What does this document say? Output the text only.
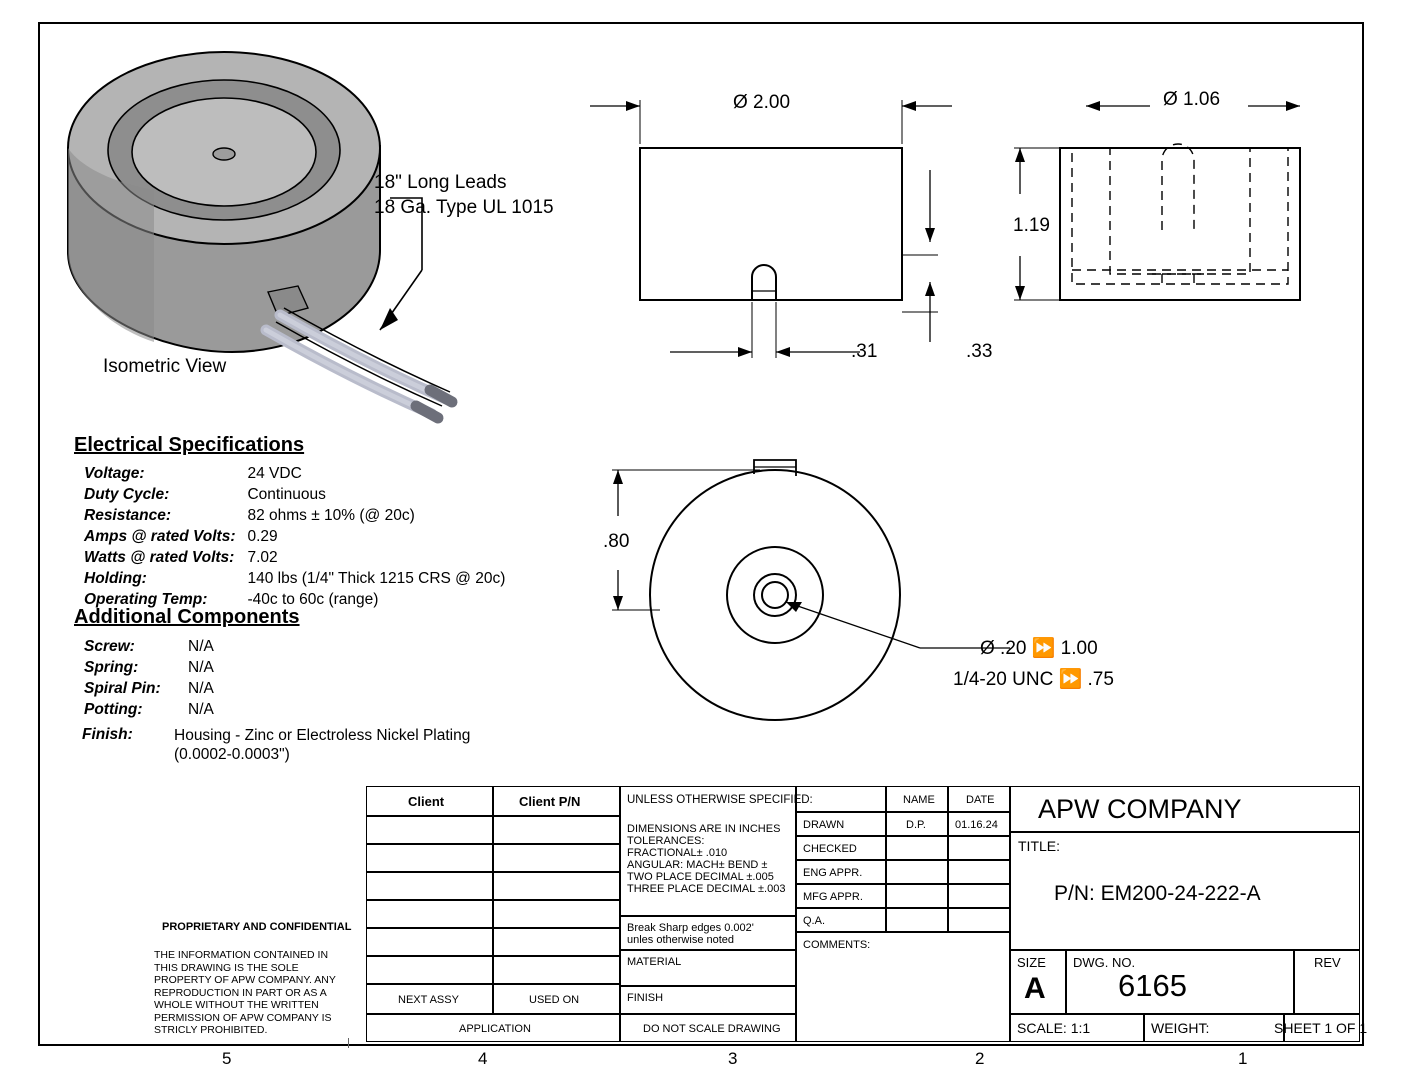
18" Long Leads
18 Ga. Type UL 1015
Isometric View
Ø 2.00
.31	.33
Ø 1.06
1.19
.80
Ø .20 ⏩ 1.00
1/4-20 UNC ⏩ .75
Electrical Specifications
Voltage:	24 VDC
Duty Cycle:	Continuous
Resistance:	82 ohms ± 10% (@ 20c)
Amps @ rated Volts:	0.29
Watts @ rated Volts:	7.02
Holding:	140 lbs (1/4" Thick 1215 CRS @ 20c)
Operating Temp:	-40c to 60c (range)
Additional Components
Screw:	N/A
Spring:	N/A
Spiral Pin:	N/A
Potting:	N/A
Finish:	Housing - Zinc or Electroless Nickel Plating
(0.0002-0.0003")
Client	Client P/N
NEXT ASSY	USED ON
APPLICATION
PROPRIETARY AND CONFIDENTIAL
THE INFORMATION CONTAINED IN THIS DRAWING IS THE SOLE PROPERTY OF APW COMPANY. ANY REPRODUCTION IN PART OR AS A WHOLE WITHOUT THE WRITTEN PERMISSION OF APW COMPANY IS STRICLY PROHIBITED.
UNLESS OTHERWISE SPECIFIED:
DIMENSIONS ARE IN INCHES
TOLERANCES:
FRACTIONAL± .010
ANGULAR: MACH± BEND ±
TWO PLACE DECIMAL ±.005
THREE PLACE DECIMAL ±.003
Break Sharp edges 0.002'
unles otherwise noted
MATERIAL
FINISH
DO NOT SCALE DRAWING
NAME	DATE
DRAWN	D.P.	01.16.24
CHECKED
ENG APPR.
MFG APPR.
Q.A.
COMMENTS:
APW COMPANY
TITLE:
P/N: EM200-24-222-A
SIZE
A
DWG. NO.
6165
REV
SCALE: 1:1	WEIGHT:	SHEET 1 OF 1
5	4	3	2	1
